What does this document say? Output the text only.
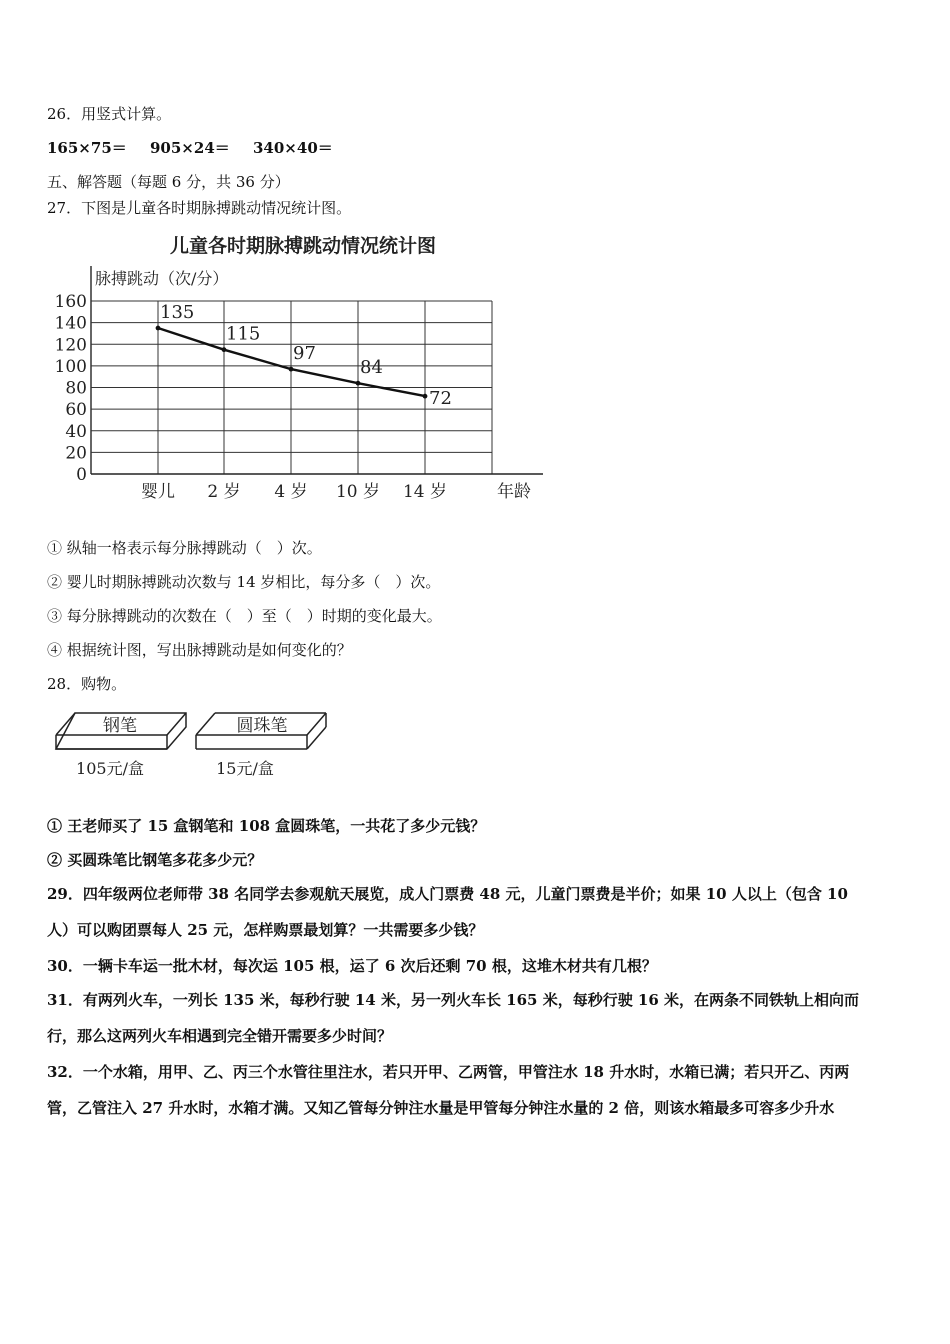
26．用竖式计算。
165×75＝ 905×24＝ 340×40＝
五、解答题（每题 6 分，共 36 分）
27．下图是儿童各时期脉搏跳动情况统计图。
儿童各时期脉搏跳动情况统计图
脉搏跳动（次/分）
0
20
40
60
80
100
120
140
160
婴儿 2 岁 4 岁 10 岁 14 岁
135
115
97
84
72
年龄
① 纵轴一格表示每分脉搏跳动（　）次。
② 婴儿时期脉搏跳动次数与 14 岁相比，每分多（　）次。
③ 每分脉搏跳动的次数在（　）至（　）时期的变化最大。
④ 根据统计图，写出脉搏跳动是如何变化的？
28．购物。
钢笔
105元/盒
圆珠笔
15元/盒
① 王老师买了 15 盒钢笔和 108 盒圆珠笔，一共花了多少元钱？
② 买圆珠笔比钢笔多花多少元？
29．四年级两位老师带 38 名同学去参观航天展览，成人门票费 48 元，儿童门票费是半价；如果 10 人以上（包含 10
人）可以购团票每人 25 元，怎样购票最划算？一共需要多少钱？
30．一辆卡车运一批木材，每次运 105 根，运了 6 次后还剩 70 根，这堆木材共有几根？
31．有两列火车，一列长 135 米，每秒行驶 14 米，另一列火车长 165 米，每秒行驶 16 米，在两条不同铁轨上相向而
行，那么这两列火车相遇到完全错开需要多少时间？
32．一个水箱，用甲、乙、丙三个水管往里注水，若只开甲、乙两管，甲管注水 18 升水时，水箱已满；若只开乙、丙两
管，乙管注入 27 升水时，水箱才满。又知乙管每分钟注水量是甲管每分钟注水量的 2 倍，则该水箱最多可容多少升水
